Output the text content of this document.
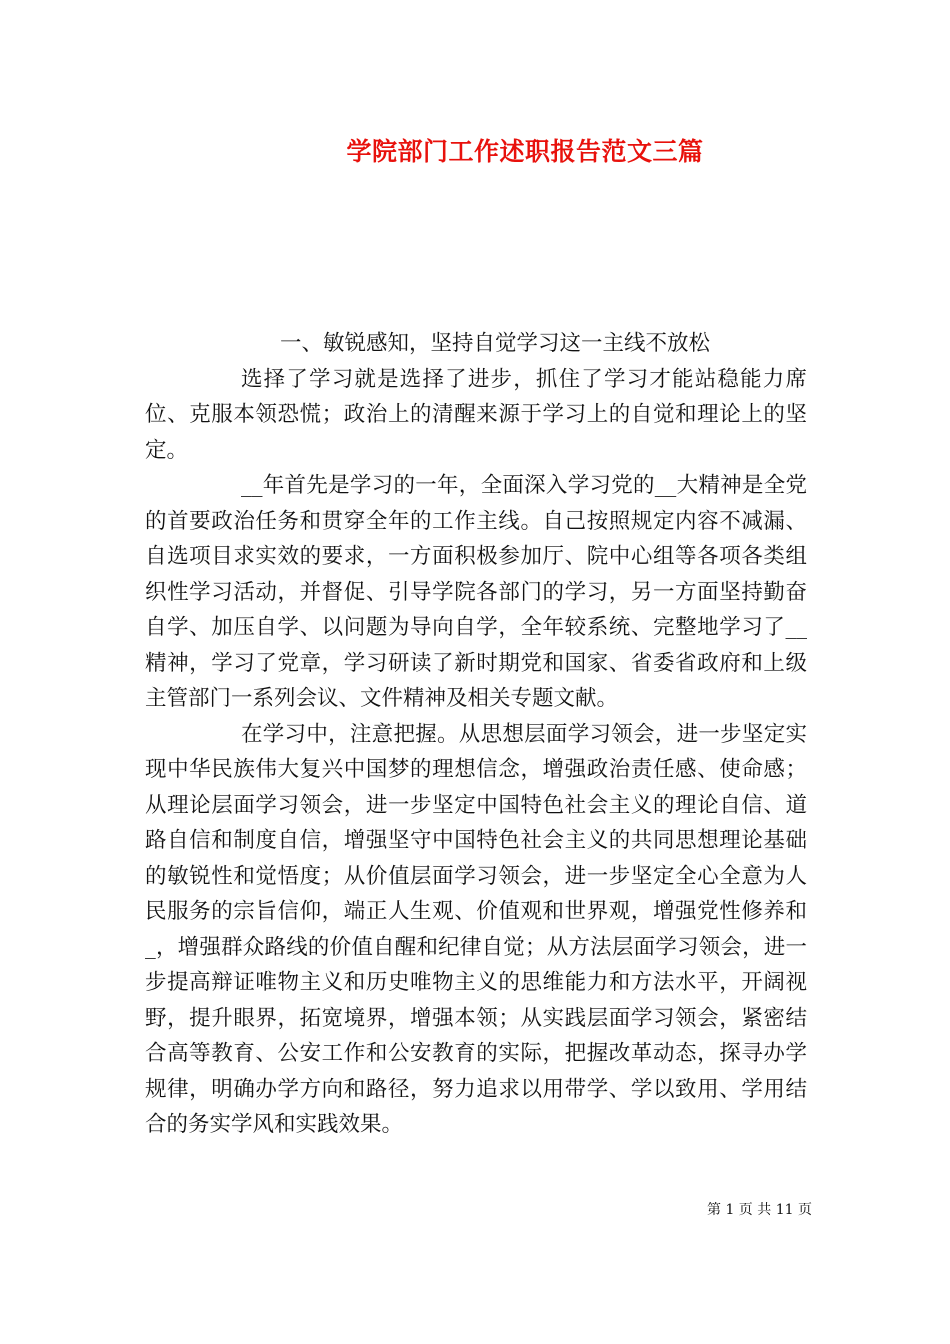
学院部门工作述职报告范文三篇

一、敏锐感知，坚持自觉学习这一主线不放松

选择了学习就是选择了进步，抓住了学习才能站稳能力席位、克服本领恐慌；政治上的清醒来源于学习上的自觉和理论上的坚定。

__年首先是学习的一年，全面深入学习党的__大精神是全党的首要政治任务和贯穿全年的工作主线。自己按照规定内容不减漏、自选项目求实效的要求，一方面积极参加厅、院中心组等各项各类组织性学习活动，并督促、引导学院各部门的学习，另一方面坚持勤奋自学、加压自学、以问题为导向自学，全年较系统、完整地学习了__精神，学习了党章，学习研读了新时期党和国家、省委省政府和上级主管部门一系列会议、文件精神及相关专题文献。

在学习中，注意把握。从思想层面学习领会，进一步坚定实现中华民族伟大复兴中国梦的理想信念，增强政治责任感、使命感；从理论层面学习领会，进一步坚定中国特色社会主义的理论自信、道路自信和制度自信，增强坚守中国特色社会主义的共同思想理论基础的敏锐性和觉悟度；从价值层面学习领会，进一步坚定全心全意为人民服务的宗旨信仰，端正人生观、价值观和世界观，增强党性修养和_，增强群众路线的价值自醒和纪律自觉；从方法层面学习领会，进一步提高辩证唯物主义和历史唯物主义的思维能力和方法水平，开阔视野，提升眼界，拓宽境界，增强本领；从实践层面学习领会，紧密结合高等教育、公安工作和公安教育的实际，把握改革动态，探寻办学规律，明确办学方向和路径，努力追求以用带学、学以致用、学用结合的务实学风和实践效果。

第 1 页 共 11 页
